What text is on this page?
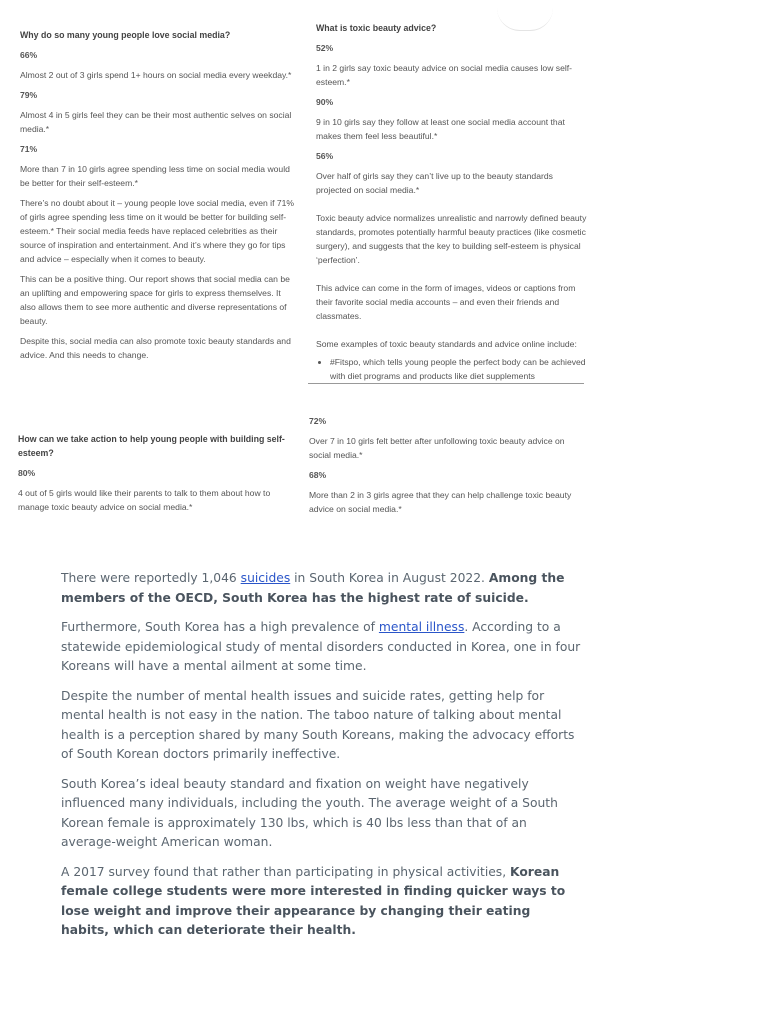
Why do so many young people love social media?

66%

Almost 2 out of 3 girls spend 1+ hours on social media every weekday.*

79%

Almost 4 in 5 girls feel they can be their most authentic selves on social media.*

71%

More than 7 in 10 girls agree spending less time on social media would be better for their self-esteem.*

There’s no doubt about it – young people love social media, even if 71% of girls agree spending less time on it would be better for building self-esteem.* Their social media feeds have replaced celebrities as their source of inspiration and entertainment. And it’s where they go for tips and advice – especially when it comes to beauty.

This can be a positive thing. Our report shows that social media can be an uplifting and empowering space for girls to express themselves. It also allows them to see more authentic and diverse representations of beauty.

Despite this, social media can also promote toxic beauty standards and advice. And this needs to change.

What is toxic beauty advice?

52%

1 in 2 girls say toxic beauty advice on social media causes low self-esteem.*

90%

9 in 10 girls say they follow at least one social media account that makes them feel less beautiful.*

56%

Over half of girls say they can’t live up to the beauty standards projected on social media.*

Toxic beauty advice normalizes unrealistic and narrowly defined beauty standards, promotes potentially harmful beauty practices (like cosmetic surgery), and suggests that the key to building self-esteem is physical ‘perfection’.

This advice can come in the form of images, videos or captions from their favorite social media accounts – and even their friends and classmates.

Some examples of toxic beauty standards and advice online include:

• #Fitspo, which tells young people the perfect body can be achieved with diet programs and products like diet supplements

How can we take action to help young people with building self-esteem?

80%

4 out of 5 girls would like their parents to talk to them about how to manage toxic beauty advice on social media.*

72%

Over 7 in 10 girls felt better after unfollowing toxic beauty advice on social media.*

68%

More than 2 in 3 girls agree that they can help challenge toxic beauty advice on social media.*

There were reportedly 1,046 suicides in South Korea in August 2022. Among the members of the OECD, South Korea has the highest rate of suicide.

Furthermore, South Korea has a high prevalence of mental illness. According to a statewide epidemiological study of mental disorders conducted in Korea, one in four Koreans will have a mental ailment at some time.

Despite the number of mental health issues and suicide rates, getting help for mental health is not easy in the nation. The taboo nature of talking about mental health is a perception shared by many South Koreans, making the advocacy efforts of South Korean doctors primarily ineffective.

South Korea’s ideal beauty standard and fixation on weight have negatively influenced many individuals, including the youth. The average weight of a South Korean female is approximately 130 lbs, which is 40 lbs less than that of an average-weight American woman.

A 2017 survey found that rather than participating in physical activities, Korean female college students were more interested in finding quicker ways to lose weight and improve their appearance by changing their eating habits, which can deteriorate their health.
